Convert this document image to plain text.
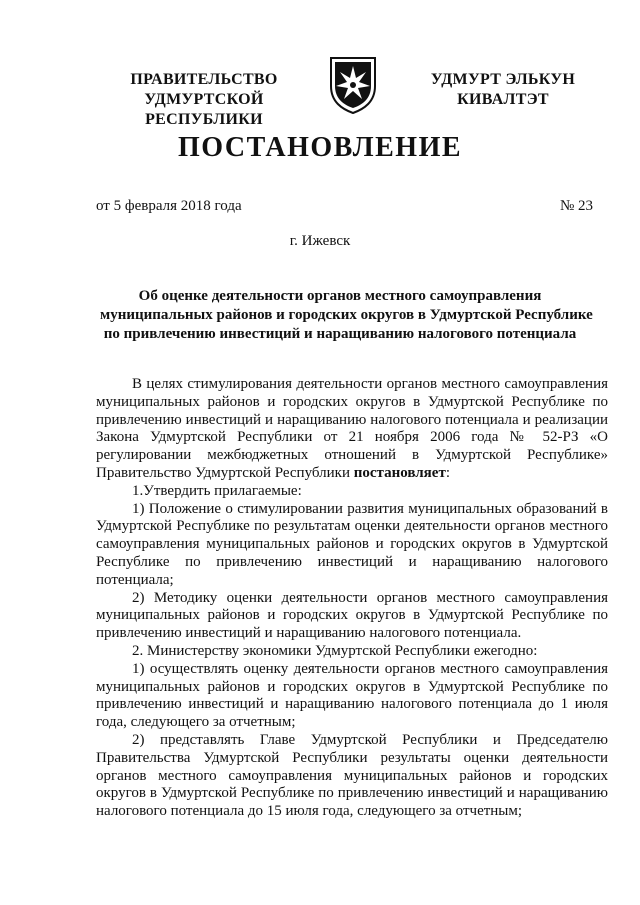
ПРАВИТЕЛЬСТВО
УДМУРТСКОЙ РЕСПУБЛИКИ
УДМУРТ ЭЛЬКУН
КИВАЛТЭТ
ПОСТАНОВЛЕНИЕ
от 5 февраля 2018 года	№ 23
г. Ижевск
Об оценке деятельности органов местного самоуправления
муниципальных районов и городских округов в Удмуртской Республике
по привлечению инвестиций и наращиванию налогового потенциала

В целях стимулирования деятельности органов местного самоуправления муниципальных районов и городских округов в Удмуртской Республике по привлечению инвестиций и наращиванию налогового потенциала и реализации Закона Удмуртской Республики от 21 ноября 2006 года № 52-РЗ «О регулировании межбюджетных отношений в Удмуртской Республике» Правительство Удмуртской Республики постановляет:

1.Утвердить прилагаемые:

1) Положение о стимулировании развития муниципальных образований в Удмуртской Республике по результатам оценки деятельности органов местного самоуправления муниципальных районов и городских округов в Удмуртской Республике по привлечению инвестиций и наращиванию налогового потенциала;

2) Методику оценки деятельности органов местного самоуправления муниципальных районов и городских округов в Удмуртской Республике по привлечению инвестиций и наращиванию налогового потенциала.

2. Министерству экономики Удмуртской Республики ежегодно:

1) осуществлять оценку деятельности органов местного самоуправления муниципальных районов и городских округов в Удмуртской Республике по привлечению инвестиций и наращиванию налогового потенциала до 1 июля года, следующего за отчетным;

2) представлять Главе Удмуртской Республики и Председателю Правительства Удмуртской Республики результаты оценки деятельности органов местного самоуправления муниципальных районов и городских округов в Удмуртской Республике по привлечению инвестиций и наращиванию налогового потенциала до 15 июля года, следующего за отчетным;
